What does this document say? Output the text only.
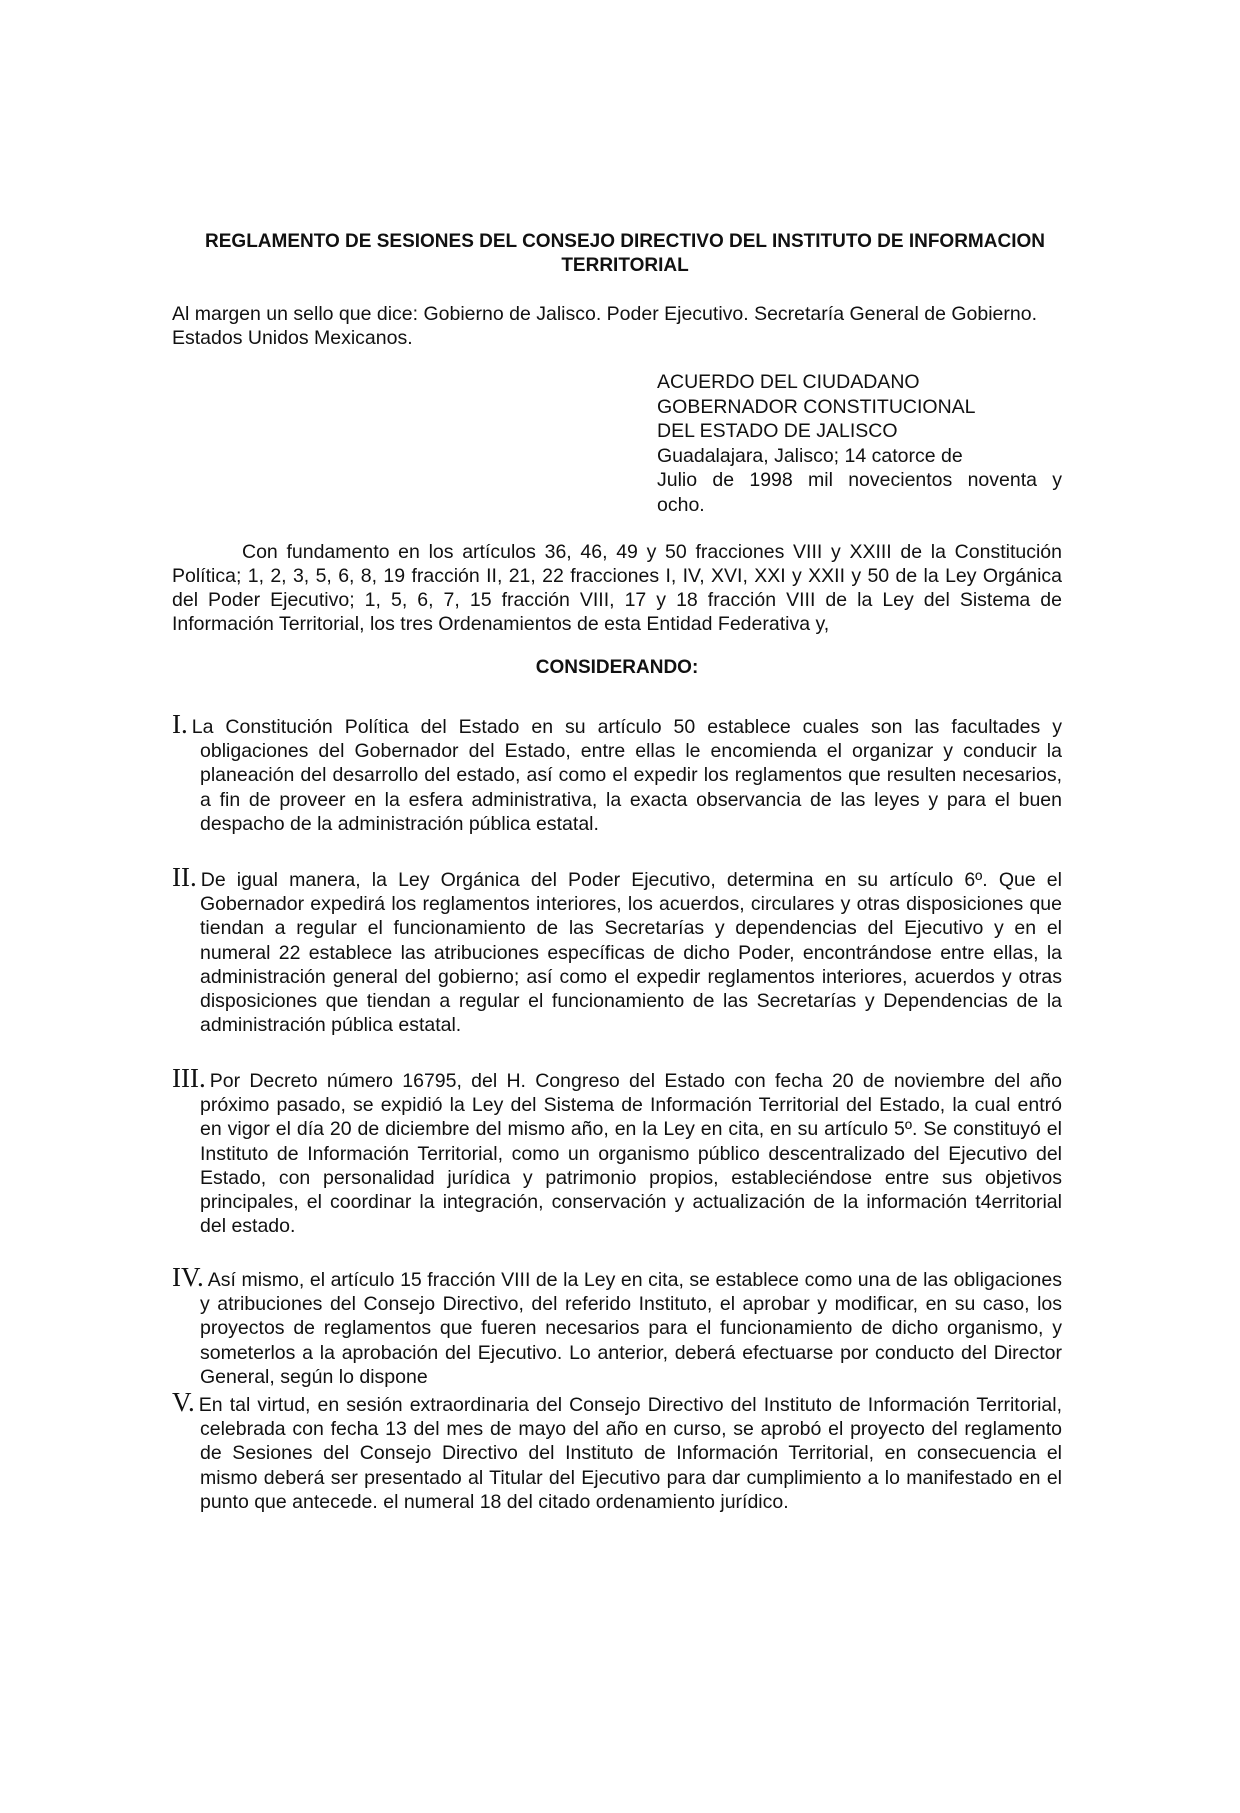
REGLAMENTO DE SESIONES DEL CONSEJO DIRECTIVO DEL INSTITUTO DE INFORMACION TERRITORIAL
Al margen un sello que dice: Gobierno de Jalisco. Poder Ejecutivo. Secretaría General de Gobierno. Estados Unidos Mexicanos.
ACUERDO DEL CIUDADANO
GOBERNADOR CONSTITUCIONAL
DEL ESTADO DE JALISCO
Guadalajara, Jalisco; 14 catorce de
Julio de 1998 mil novecientos noventa y
ocho.
Con fundamento en los artículos 36, 46, 49 y 50 fracciones VIII y XXIII de la Constitución Política; 1, 2, 3, 5, 6, 8, 19 fracción II, 21, 22 fracciones I, IV, XVI, XXI y XXII y 50 de la Ley Orgánica del Poder Ejecutivo; 1, 5, 6, 7, 15 fracción VIII, 17 y 18 fracción VIII de la Ley del Sistema de Información Territorial, los tres Ordenamientos de esta Entidad Federativa y,
CONSIDERANDO:
I. La Constitución Política del Estado en su artículo 50 establece cuales son las facultades y obligaciones del Gobernador del Estado, entre ellas le encomienda el organizar y conducir la planeación del desarrollo del estado, así como el expedir los reglamentos que resulten necesarios, a fin de proveer en la esfera administrativa, la exacta observancia de las leyes y para el buen despacho de la administración pública estatal.
II. De igual manera, la Ley Orgánica del Poder Ejecutivo, determina en su artículo 6º. Que el Gobernador expedirá los reglamentos interiores, los acuerdos, circulares y otras disposiciones que tiendan a regular el funcionamiento de las Secretarías y dependencias del Ejecutivo y en el numeral 22 establece las atribuciones específicas de dicho Poder, encontrándose entre ellas, la administración general del gobierno; así como el expedir reglamentos interiores, acuerdos y otras disposiciones que tiendan a regular el funcionamiento de las Secretarías y Dependencias de la administración pública estatal.
III. Por Decreto número 16795, del H. Congreso del Estado con fecha 20 de noviembre del año próximo pasado, se expidió la Ley del Sistema de Información Territorial del Estado, la cual entró en vigor el día 20 de diciembre del mismo año, en la Ley en cita, en su artículo 5º. Se constituyó el Instituto de Información Territorial, como un organismo público descentralizado del Ejecutivo del Estado, con personalidad jurídica y patrimonio propios, estableciéndose entre sus objetivos principales, el coordinar la integración, conservación y actualización de la información t4erritorial del estado.
IV. Así mismo, el artículo 15 fracción VIII de la Ley en cita, se establece como una de las obligaciones y atribuciones del Consejo Directivo, del referido Instituto, el aprobar y modificar, en su caso, los proyectos de reglamentos que fueren necesarios para el funcionamiento de dicho organismo, y someterlos a la aprobación del Ejecutivo. Lo anterior, deberá efectuarse por conducto del Director General, según lo dispone
V. En tal virtud, en sesión extraordinaria del Consejo Directivo del Instituto de Información Territorial, celebrada con fecha 13 del mes de mayo del año en curso, se aprobó el proyecto del reglamento de Sesiones del Consejo Directivo del Instituto de Información Territorial, en consecuencia el mismo deberá ser presentado al Titular del Ejecutivo para dar cumplimiento a lo manifestado en el punto que antecede. el numeral 18 del citado ordenamiento jurídico.
